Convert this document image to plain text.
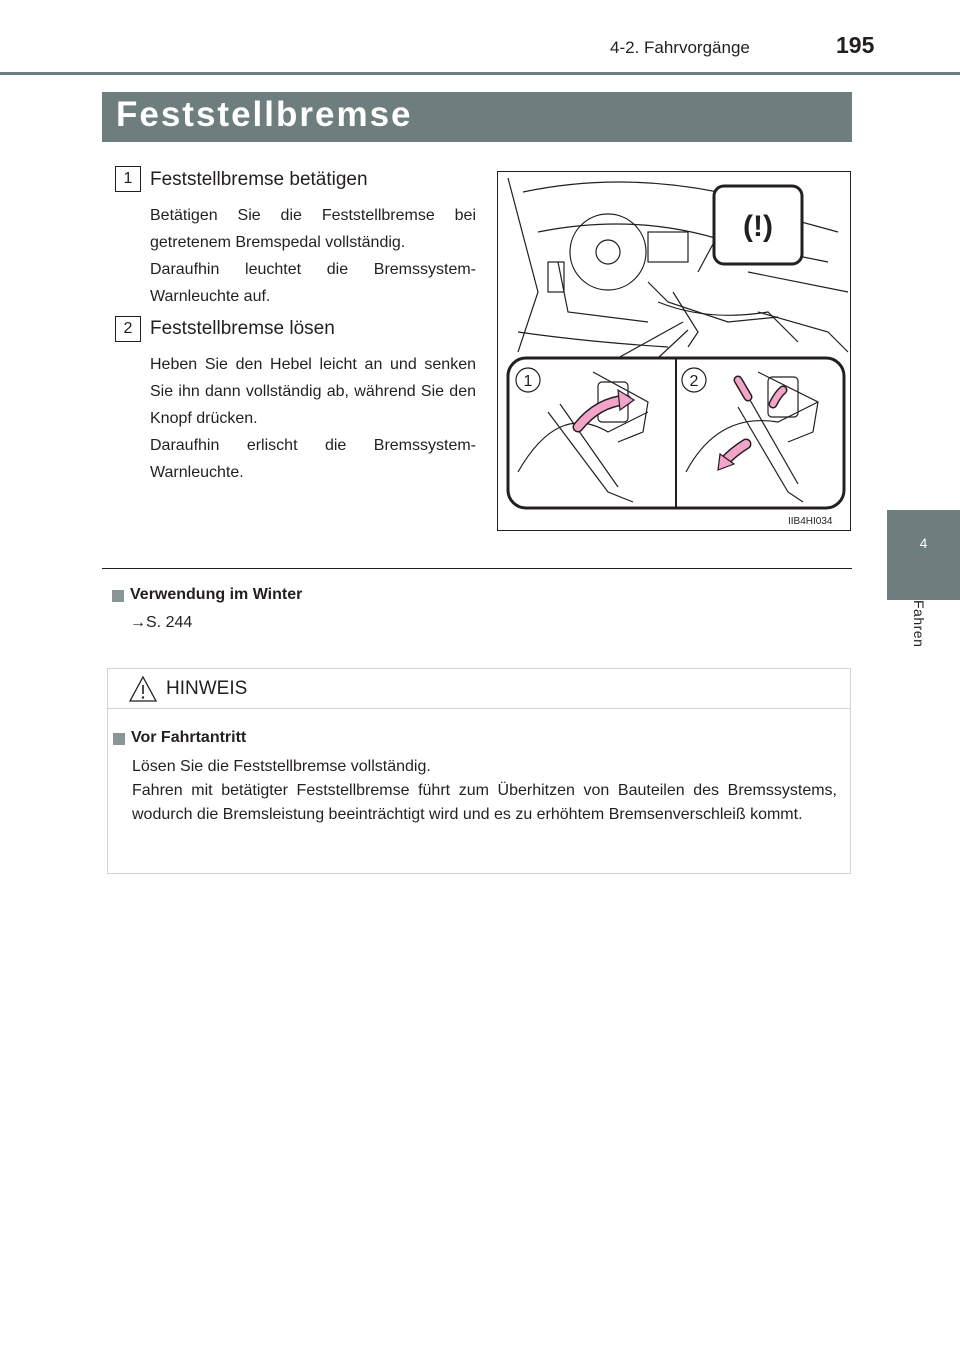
4-2. Fahrvorgänge	195
4
Fahren
Feststellbremse
1 Feststellbremse betätigen

Betätigen Sie die Feststellbremse bei getretenem Bremspedal vollständig.

Daraufhin leuchtet die Bremssystem-Warnleuchte auf.

2 Feststellbremse lösen

Heben Sie den Hebel leicht an und senken Sie ihn dann vollständig ab, während Sie den Knopf drücken.

Daraufhin erlischt die Bremssystem-Warnleuchte.

(!)
1	2
IIB4HI034
Verwendung im Winter
→S. 244
HINWEIS
Vor Fahrtantritt

Lösen Sie die Feststellbremse vollständig.

Fahren mit betätigter Feststellbremse führt zum Überhitzen von Bauteilen des Bremssystems, wodurch die Bremsleistung beeinträchtigt wird und es zu erhöhtem Bremsenverschleiß kommt.
